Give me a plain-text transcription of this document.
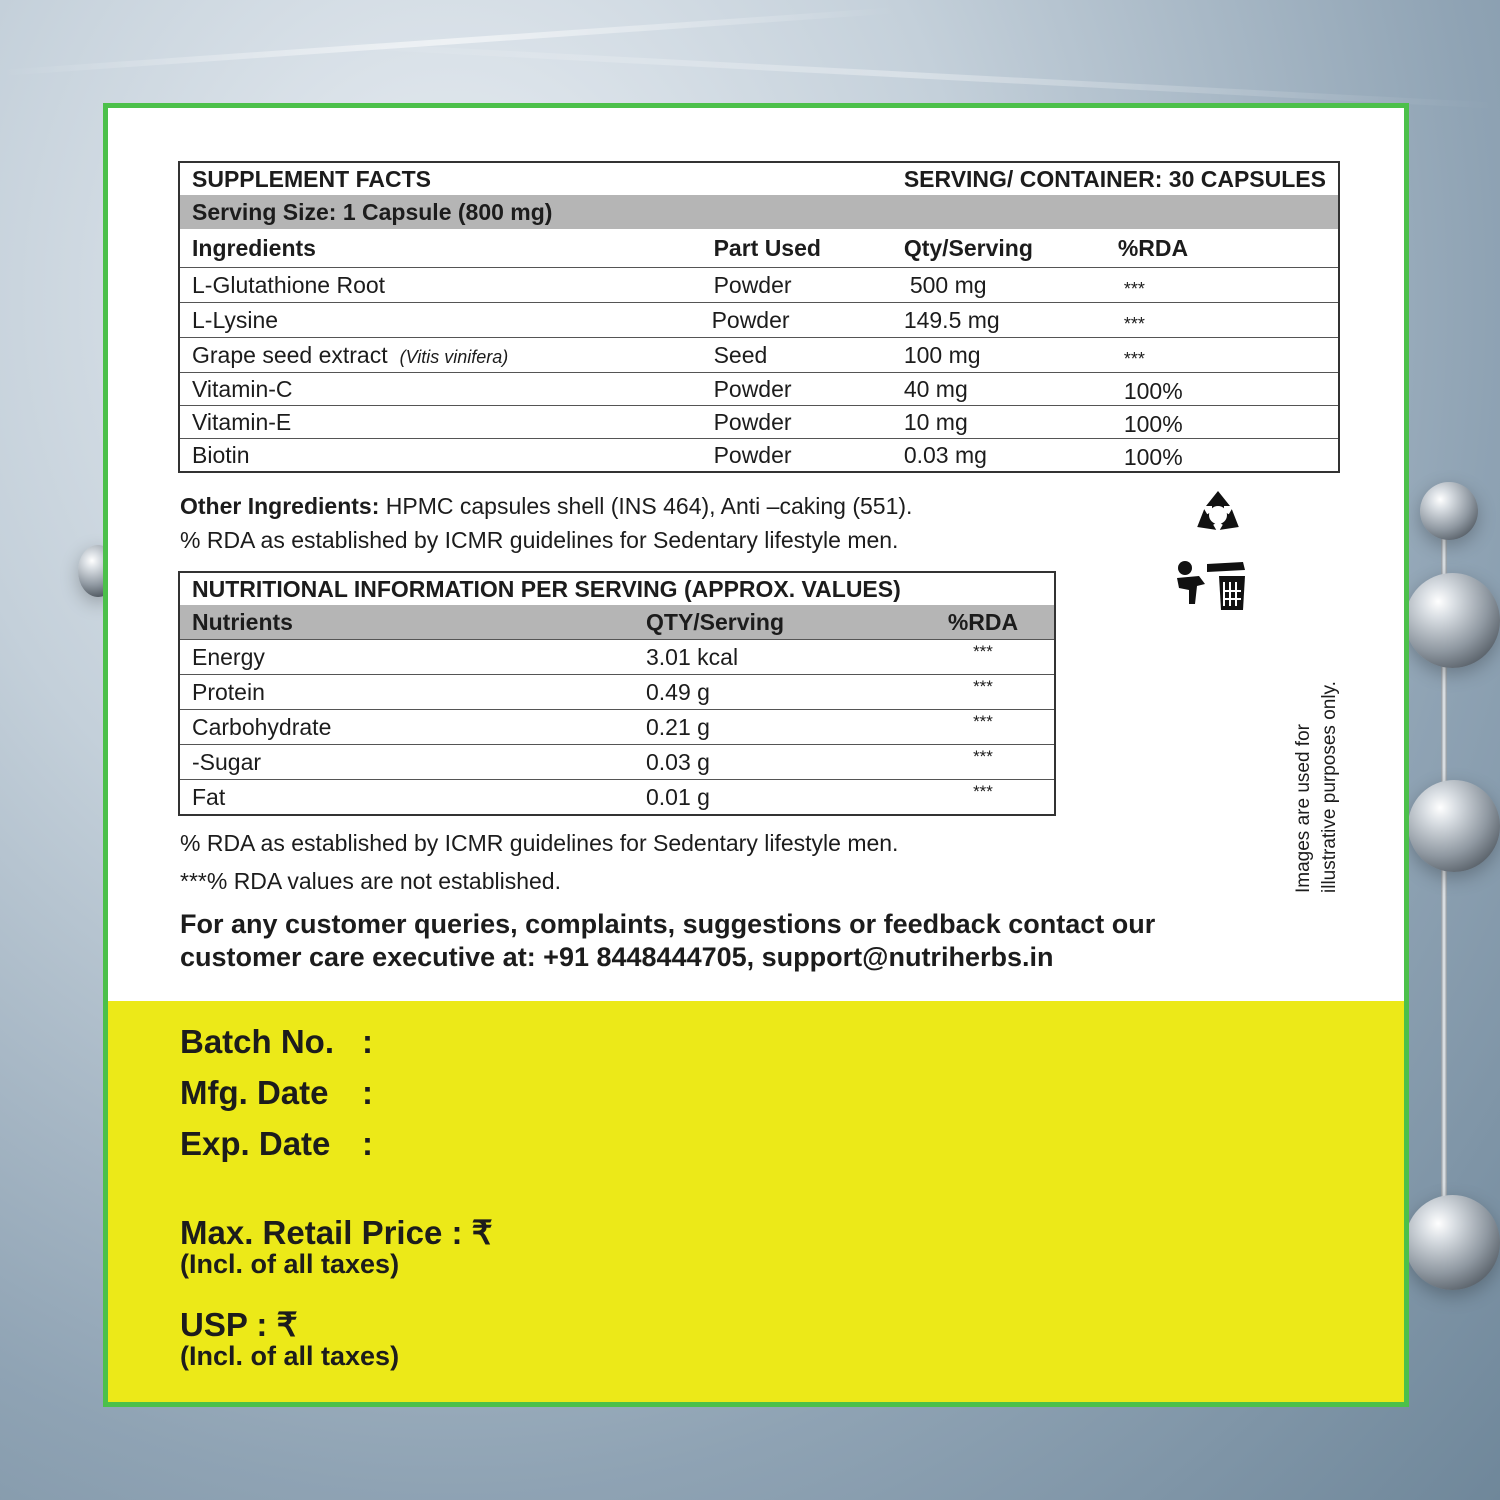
SUPPLEMENT FACTS		SERVING/ CONTAINER: 30 CAPSULES	
Serving Size: 1 Capsule (800 mg)			
Ingredients	Part Used	Qty/Serving	%RDA
L-Glutathione Root	Powder	500 mg	***
L-Lysine	Powder	149.5 mg	***
Grape seed extract (Vitis vinifera)	Seed	100 mg	***
Vitamin-C	Powder	40 mg	100%
Vitamin-E	Powder	10 mg	100%
Biotin	Powder	0.03 mg	100%
Other Ingredients: HPMC capsules shell (INS 464), Anti –caking (551).
% RDA as established by ICMR guidelines for Sedentary lifestyle men.
NUTRITIONAL INFORMATION PER SERVING (APPROX. VALUES)		
Nutrients	QTY/Serving	%RDA
Energy	3.01 kcal	***
Protein	0.49 g	***
Carbohydrate	0.21 g	***
-Sugar	0.03 g	***
Fat	0.01 g	***
% RDA as established by ICMR guidelines for Sedentary lifestyle men.
***% RDA values are not established.
For any customer queries, complaints, suggestions or feedback contact our
customer care executive at: +91 8448444705, support@nutriherbs.in
Images are used for illustrative purposes only.
Batch No. :
Mfg. Date :
Exp. Date :
Max. Retail Price : ₹
(Incl. of all taxes)
USP : ₹
(Incl. of all taxes)
